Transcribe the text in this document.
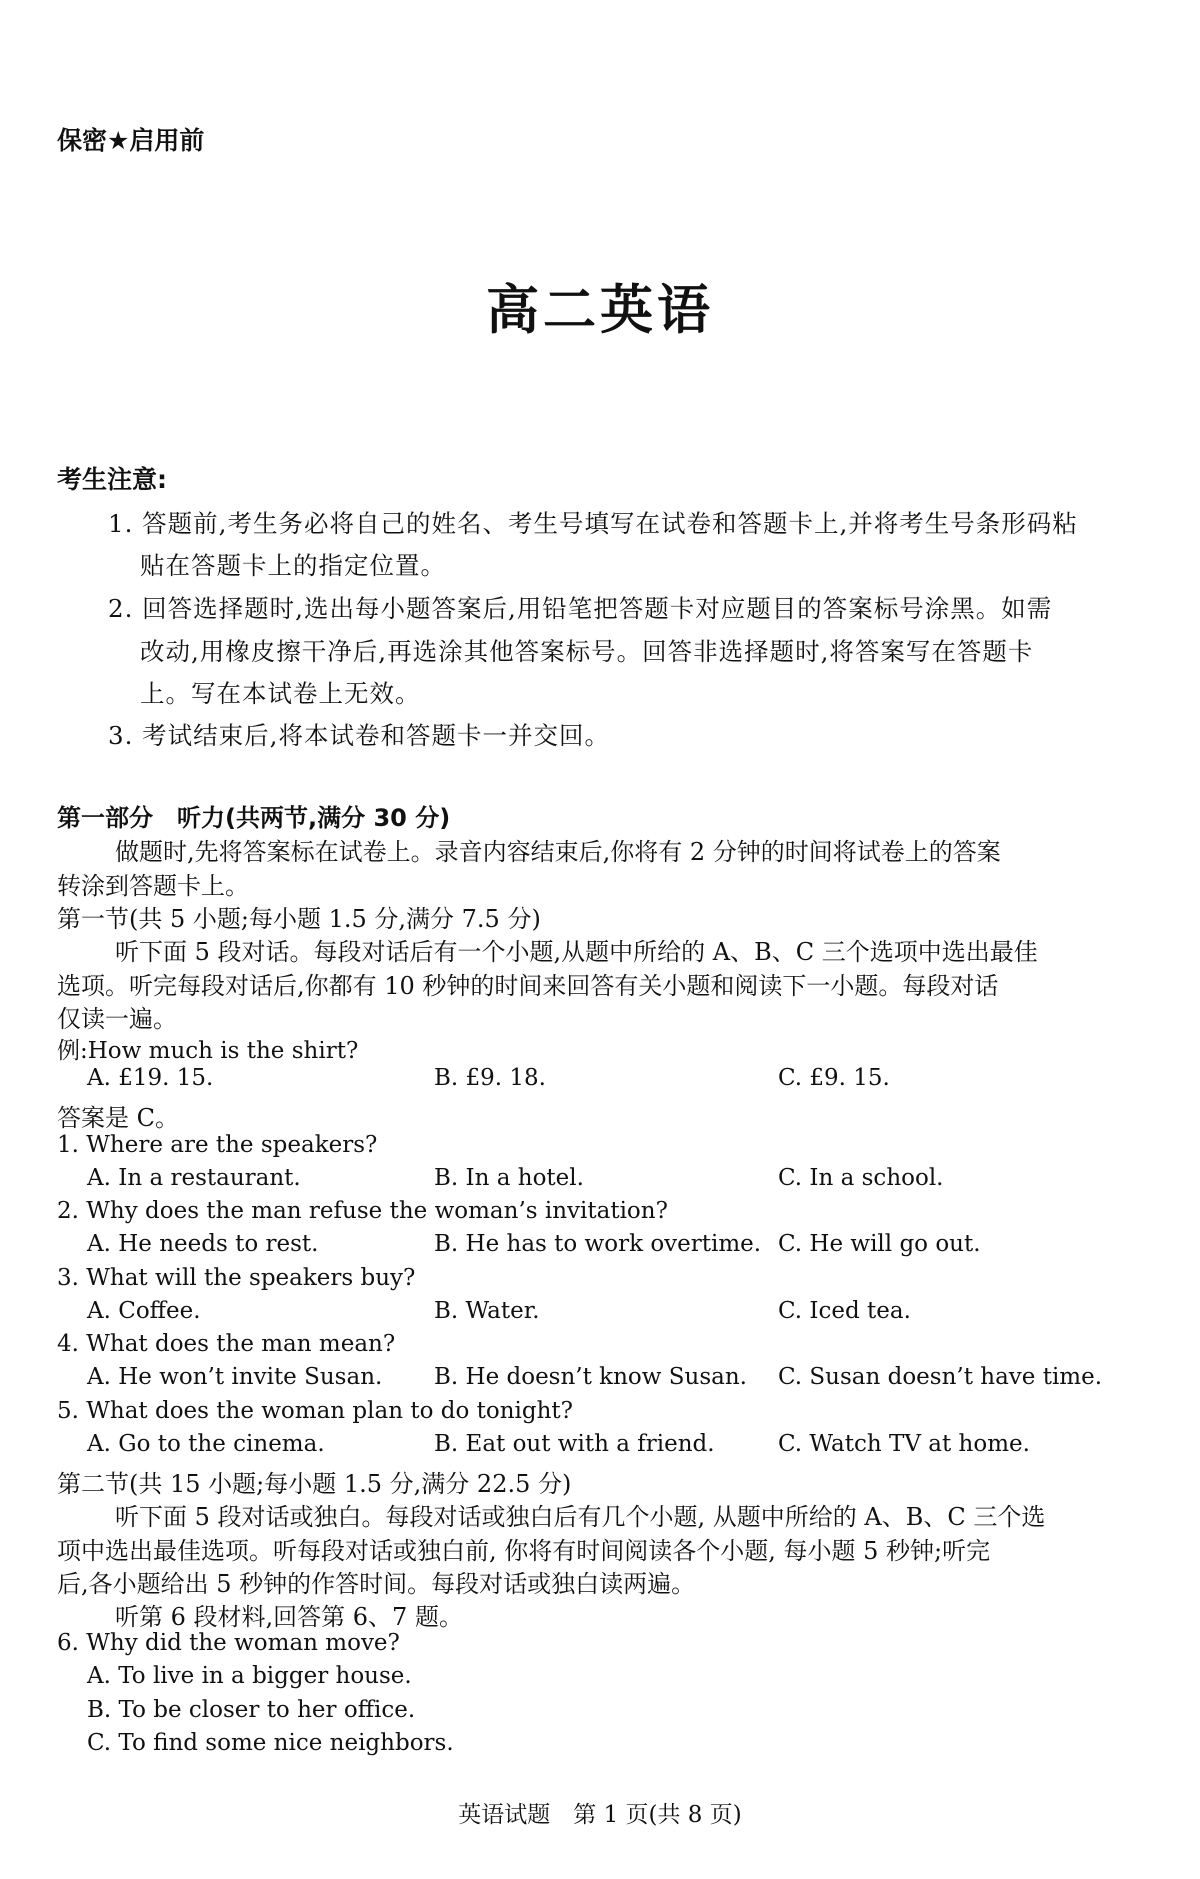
保密★启用前
高二英语
考生注意:
1. 答题前,考生务必将自己的姓名、考生号填写在试卷和答题卡上,并将考生号条形码粘
贴在答题卡上的指定位置。
2. 回答选择题时,选出每小题答案后,用铅笔把答题卡对应题目的答案标号涂黑。如需
改动,用橡皮擦干净后,再选涂其他答案标号。回答非选择题时,将答案写在答题卡
上。写在本试卷上无效。
3. 考试结束后,将本试卷和答题卡一并交回。
第一部分　听力(共两节,满分 30 分)
做题时,先将答案标在试卷上。录音内容结束后,你将有 2 分钟的时间将试卷上的答案
转涂到答题卡上。
第一节(共 5 小题;每小题 1.5 分,满分 7.5 分)
听下面 5 段对话。每段对话后有一个小题,从题中所给的 A、B、C 三个选项中选出最佳
选项。听完每段对话后,你都有 10 秒钟的时间来回答有关小题和阅读下一小题。每段对话
仅读一遍。
例:How much is the shirt?
A. £19. 15.	B. £9. 18.	C. £9. 15.
答案是 C。
1. Where are the speakers?
A. In a restaurant.	B. In a hotel.	C. In a school.
2. Why does the man refuse the woman’s invitation?
A. He needs to rest.	B. He has to work overtime. C. He will go out.
3. What will the speakers buy?
A. Coffee.	B. Water.	C. Iced tea.
4. What does the man mean?
A. He won’t invite Susan. B. He doesn’t know Susan. C. Susan doesn’t have time.
5. What does the woman plan to do tonight?
A. Go to the cinema.	B. Eat out with a friend.	C. Watch TV at home.
第二节(共 15 小题;每小题 1.5 分,满分 22.5 分)
听下面 5 段对话或独白。每段对话或独白后有几个小题, 从题中所给的 A、B、C 三个选
项中选出最佳选项。听每段对话或独白前, 你将有时间阅读各个小题, 每小题 5 秒钟;听完
后,各小题给出 5 秒钟的作答时间。每段对话或独白读两遍。
听第 6 段材料,回答第 6、7 题。
6. Why did the woman move?
A. To live in a bigger house.
B. To be closer to her office.
C. To find some nice neighbors.
英语试题　第 1 页(共 8 页)
